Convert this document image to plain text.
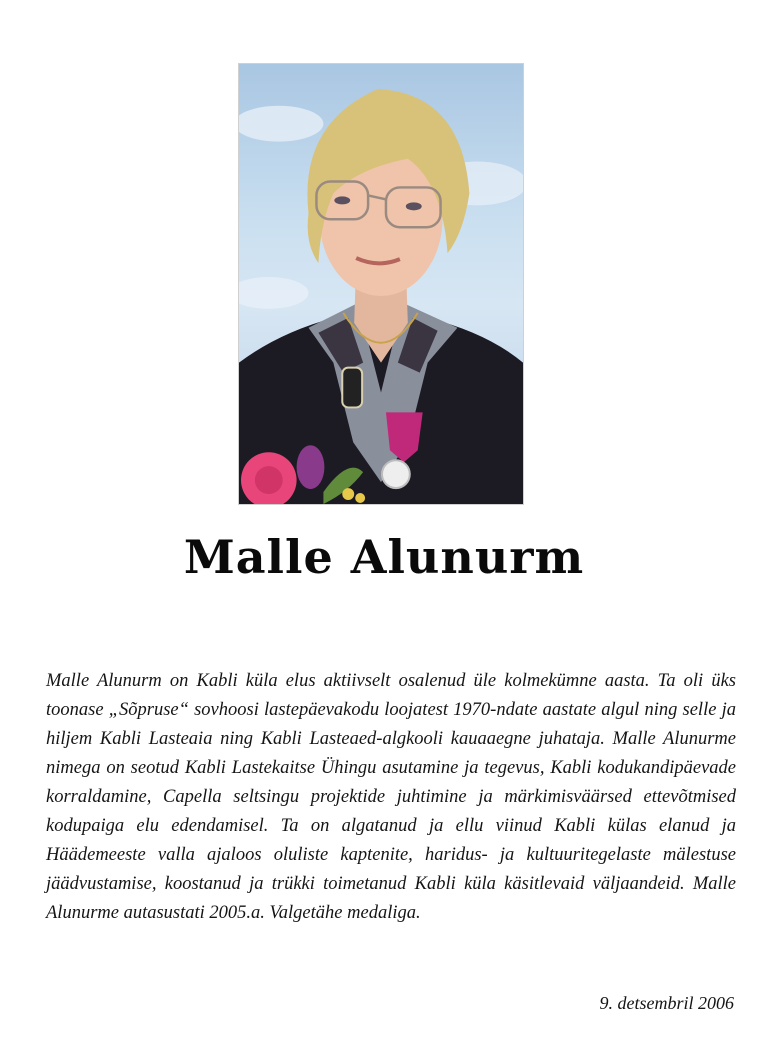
Malle Alunurm
Malle Alunurm on Kabli küla elus aktiivselt osalenud üle kolmekümne aasta. Ta oli üks toonase „Sõpruse“ sovhoosi lastepäevakodu loojatest 1970-ndate aastate algul ning selle ja hiljem Kabli Lasteaia ning Kabli Lasteaed-algkooli kauaaegne juhataja. Malle Alunurme nimega on seotud Kabli Lastekaitse Ühingu asutamine ja tegevus, Kabli kodukandipäevade korraldamine, Capella seltsingu projektide juhtimine ja märkimisväärsed ettevõtmised kodupaiga elu edendamisel. Ta on algatanud ja ellu viinud Kabli külas elanud ja Häädemeeste valla ajaloos oluliste kaptenite, haridus- ja kultuuritegelaste mälestuse jäädvustamise, koostanud ja trükki toimetanud Kabli küla käsitlevaid väljaandeid. Malle Alunurme autasustati 2005.a. Valgetähe medaliga.
9. detsembril 2006
